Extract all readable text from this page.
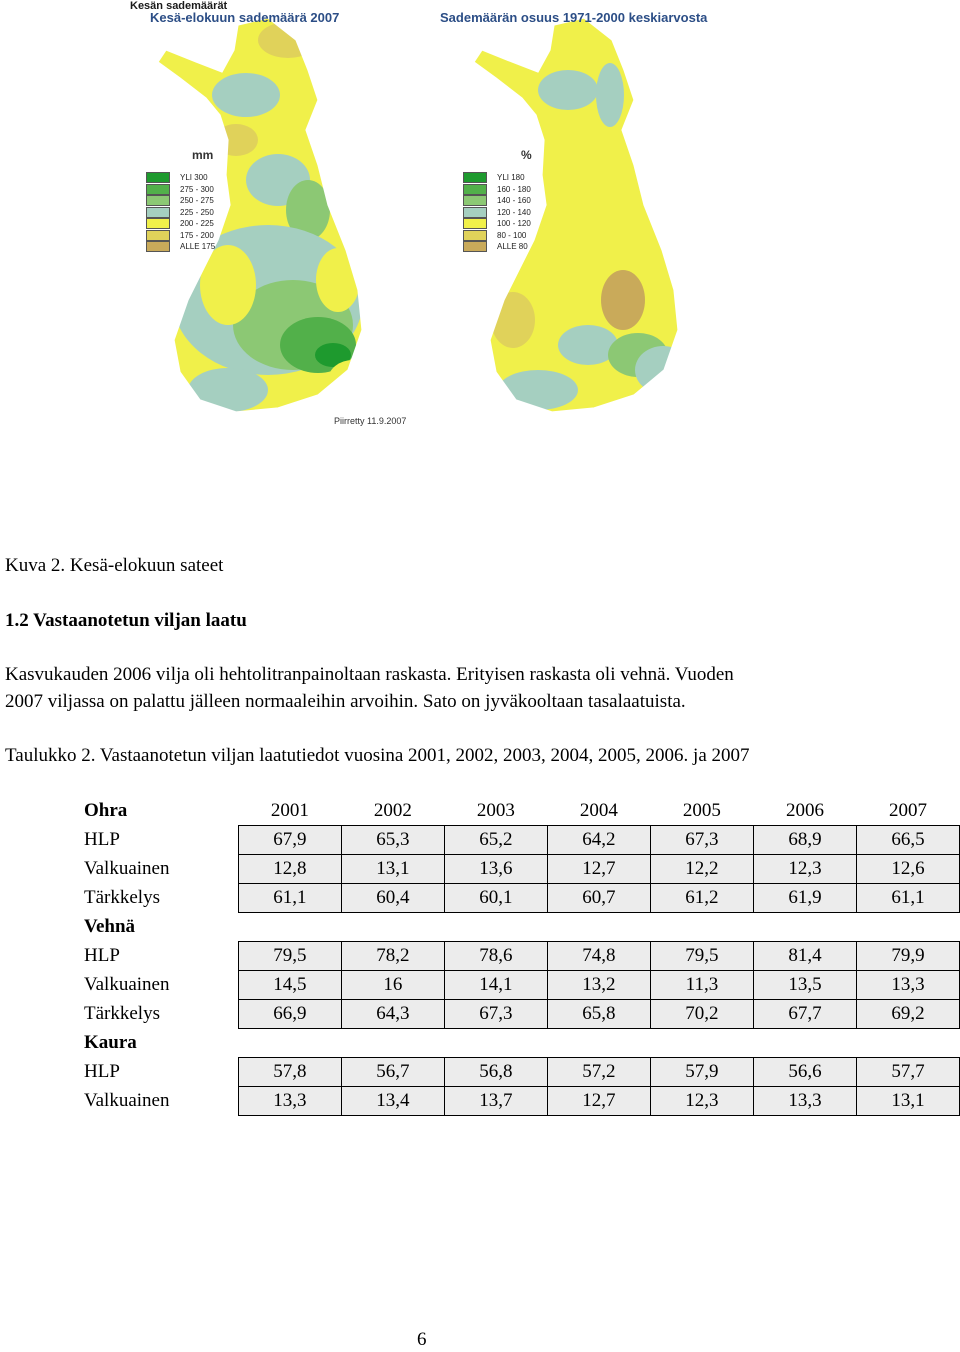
Kesän sademäärät
Kesä-elokuun sademäärä 2007	Sademäärän osuus 1971-2000 keskiarvosta
mm
YLI 300
275 - 300
250 - 275
225 - 250
200 - 225
175 - 200
ALLE 175
%
YLI 180
160 - 180
140 - 160
120 - 140
100 - 120
80 - 100
ALLE 80
Piirretty 11.9.2007
Kuva 2. Kesä-elokuun sateet
1.2 Vastaanotetun viljan laatu
Kasvukauden 2006 vilja oli hehtolitranpainoltaan raskasta. Erityisen raskasta oli vehnä. Vuoden
2007 viljassa on palattu jälleen normaaleihin arvoihin. Sato on jyväkooltaan tasalaatuista.
Taulukko 2. Vastaanotetun viljan laatutiedot vuosina 2001, 2002, 2003, 2004, 2005, 2006. ja 2007
Ohra	2001	2002	2003	2004	2005	2006	2007
HLP	67,9	65,3	65,2	64,2	67,3	68,9	66,5
Valkuainen	12,8	13,1	13,6	12,7	12,2	12,3	12,6
Tärkkelys	61,1	60,4	60,1	60,7	61,2	61,9	61,1
Vehnä							
HLP	79,5	78,2	78,6	74,8	79,5	81,4	79,9
Valkuainen	14,5	16	14,1	13,2	11,3	13,5	13,3
Tärkkelys	66,9	64,3	67,3	65,8	70,2	67,7	69,2
Kaura							
HLP	57,8	56,7	56,8	57,2	57,9	56,6	57,7
Valkuainen	13,3	13,4	13,7	12,7	12,3	13,3	13,1
6
